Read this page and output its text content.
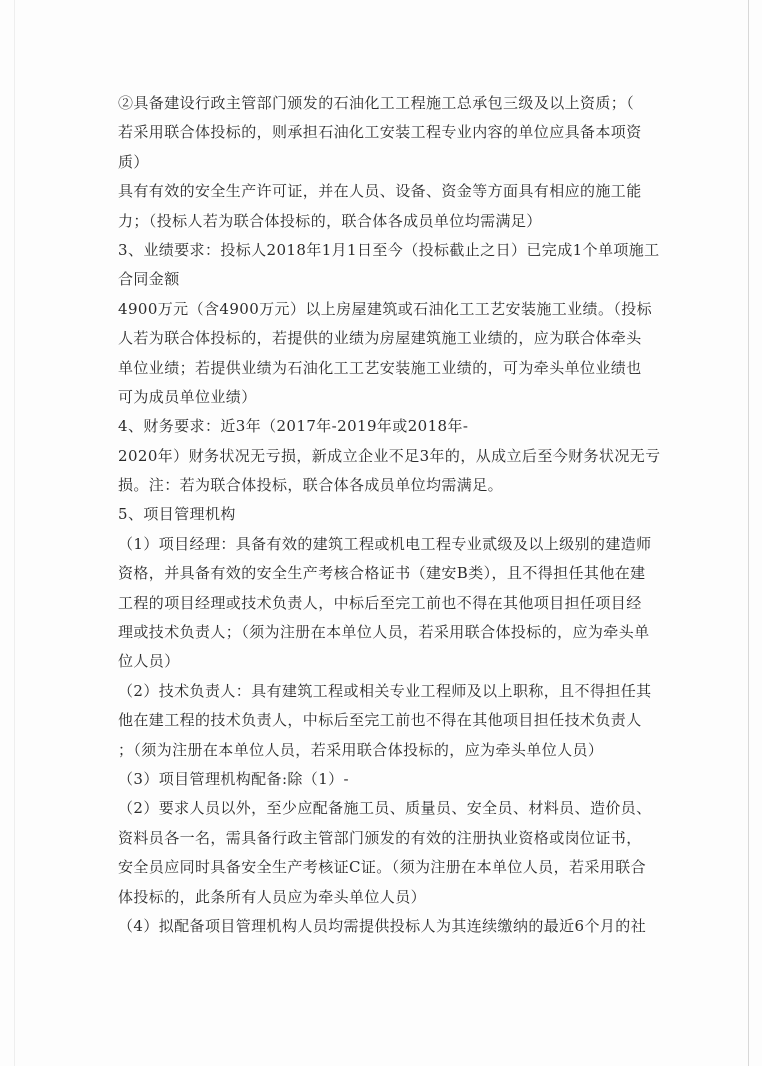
②具备建设行政主管部门颁发的石油化工工程施工总承包三级及以上资质；（
若采用联合体投标的，则承担石油化工安装工程专业内容的单位应具备本项资
质）
具有有效的安全生产许可证，并在人员、设备、资金等方面具有相应的施工能
力；（投标人若为联合体投标的，联合体各成员单位均需满足）
3、业绩要求：投标人2018年1月1日至今（投标截止之日）已完成1个单项施工
合同金额
4900万元（含4900万元）以上房屋建筑或石油化工工艺安装施工业绩。（投标
人若为联合体投标的，若提供的业绩为房屋建筑施工业绩的，应为联合体牵头
单位业绩；若提供业绩为石油化工工艺安装施工业绩的，可为牵头单位业绩也
可为成员单位业绩）
4、财务要求：近3年（2017年-2019年或2018年-
2020年）财务状况无亏损，新成立企业不足3年的，从成立后至今财务状况无亏
损。注：若为联合体投标，联合体各成员单位均需满足。
5、项目管理机构
（1）项目经理：具备有效的建筑工程或机电工程专业贰级及以上级别的建造师
资格，并具备有效的安全生产考核合格证书（建安B类），且不得担任其他在建
工程的项目经理或技术负责人，中标后至完工前也不得在其他项目担任项目经
理或技术负责人；（须为注册在本单位人员，若采用联合体投标的，应为牵头单
位人员）
（2）技术负责人：具有建筑工程或相关专业工程师及以上职称，且不得担任其
他在建工程的技术负责人，中标后至完工前也不得在其他项目担任技术负责人
；（须为注册在本单位人员，若采用联合体投标的，应为牵头单位人员）
（3）项目管理机构配备:除（1）-
（2）要求人员以外，至少应配备施工员、质量员、安全员、材料员、造价员、
资料员各一名，需具备行政主管部门颁发的有效的注册执业资格或岗位证书，
安全员应同时具备安全生产考核证C证。（须为注册在本单位人员，若采用联合
体投标的，此条所有人员应为牵头单位人员）
（4）拟配备项目管理机构人员均需提供投标人为其连续缴纳的最近6个月的社
